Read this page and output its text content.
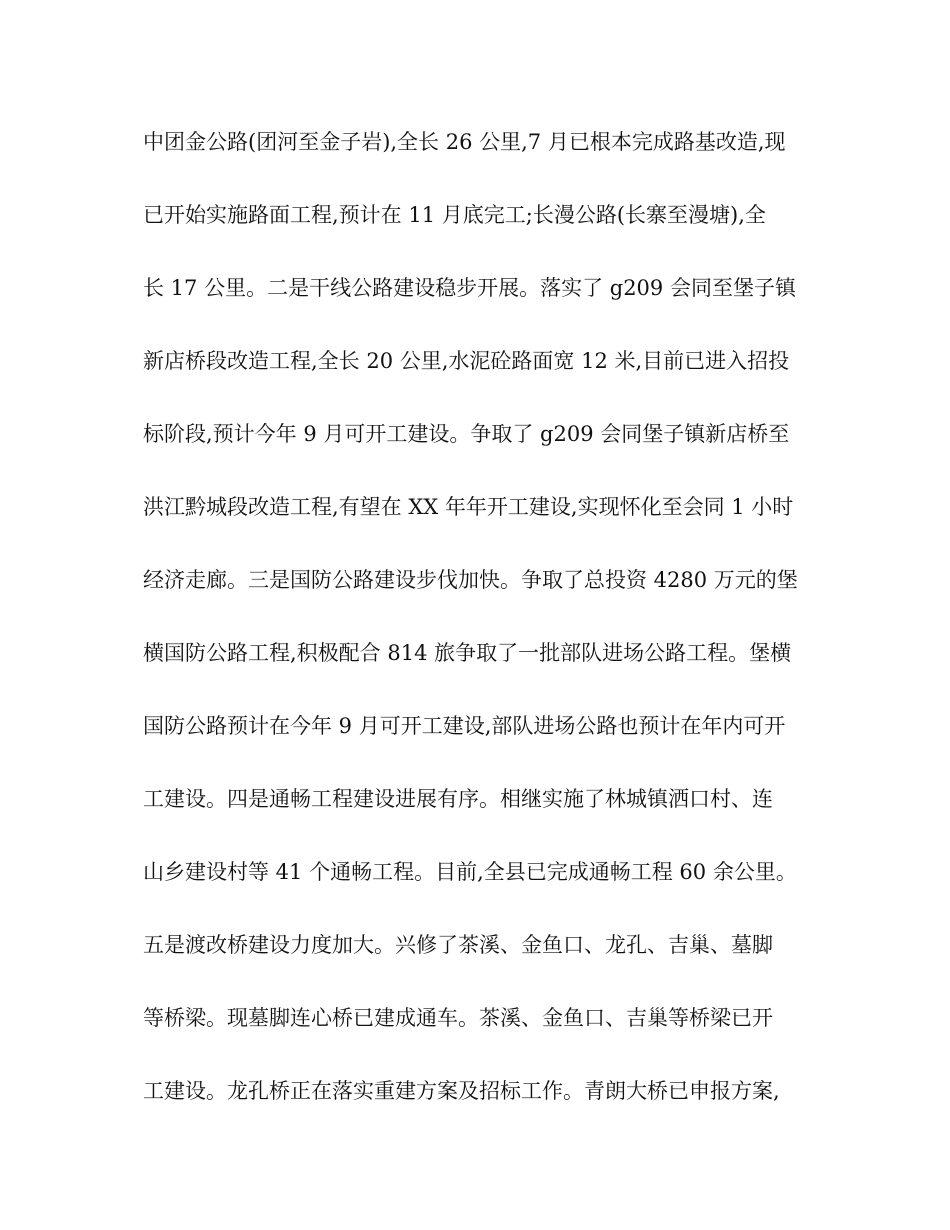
中团金公路(团河至金子岩),全长 26 公里,7 月已根本完成路基改造,现
已开始实施路面工程,预计在 11 月底完工;长漫公路(长寨至漫塘),全
长 17 公里。二是干线公路建设稳步开展。落实了 g209 会同至堡子镇
新店桥段改造工程,全长 20 公里,水泥砼路面宽 12 米,目前已进入招投
标阶段,预计今年 9 月可开工建设。争取了 g209 会同堡子镇新店桥至
洪江黔城段改造工程,有望在 XX 年年开工建设,实现怀化至会同 1 小时
经济走廊。三是国防公路建设步伐加快。争取了总投资 4280 万元的堡
横国防公路工程,积极配合 814 旅争取了一批部队进场公路工程。堡横
国防公路预计在今年 9 月可开工建设,部队进场公路也预计在年内可开
工建设。四是通畅工程建设进展有序。相继实施了林城镇洒口村、连
山乡建设村等 41 个通畅工程。目前,全县已完成通畅工程 60 余公里。
五是渡改桥建设力度加大。兴修了茶溪、金鱼口、龙孔、吉巢、墓脚
等桥梁。现墓脚连心桥已建成通车。茶溪、金鱼口、吉巢等桥梁已开
工建设。龙孔桥正在落实重建方案及招标工作。青朗大桥已申报方案,
